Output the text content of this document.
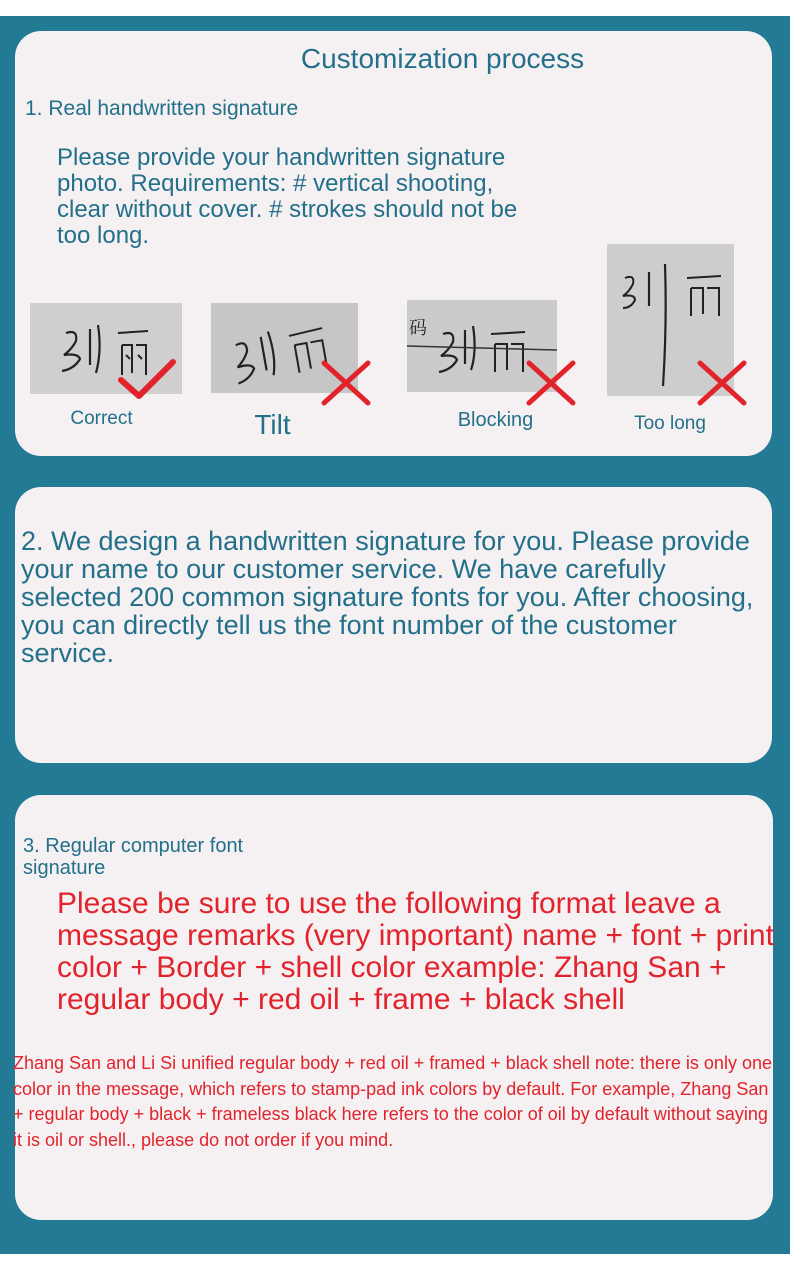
Customization process
1. Real handwritten signature
Please provide your handwritten signature photo. Requirements: # vertical shooting, clear without cover. # strokes should not be too long.
Correct	Tilt
码
Blocking	Too long
2. We design a handwritten signature for you. Please provide your name to our customer service. We have carefully selected 200 common signature fonts for you. After choosing, you can directly tell us the font number of the customer service.
3. Regular computer font signature
Please be sure to use the following format leave a message remarks (very important) name + font + print color + Border + shell color example: Zhang San + regular body + red oil + frame + black shell
Zhang San and Li Si unified regular body + red oil + framed + black shell note: there is only one color in the message, which refers to stamp-pad ink colors by default. For example, Zhang San + regular body + black + frameless black here refers to the color of oil by default without saying it is oil or shell., please do not order if you mind.
